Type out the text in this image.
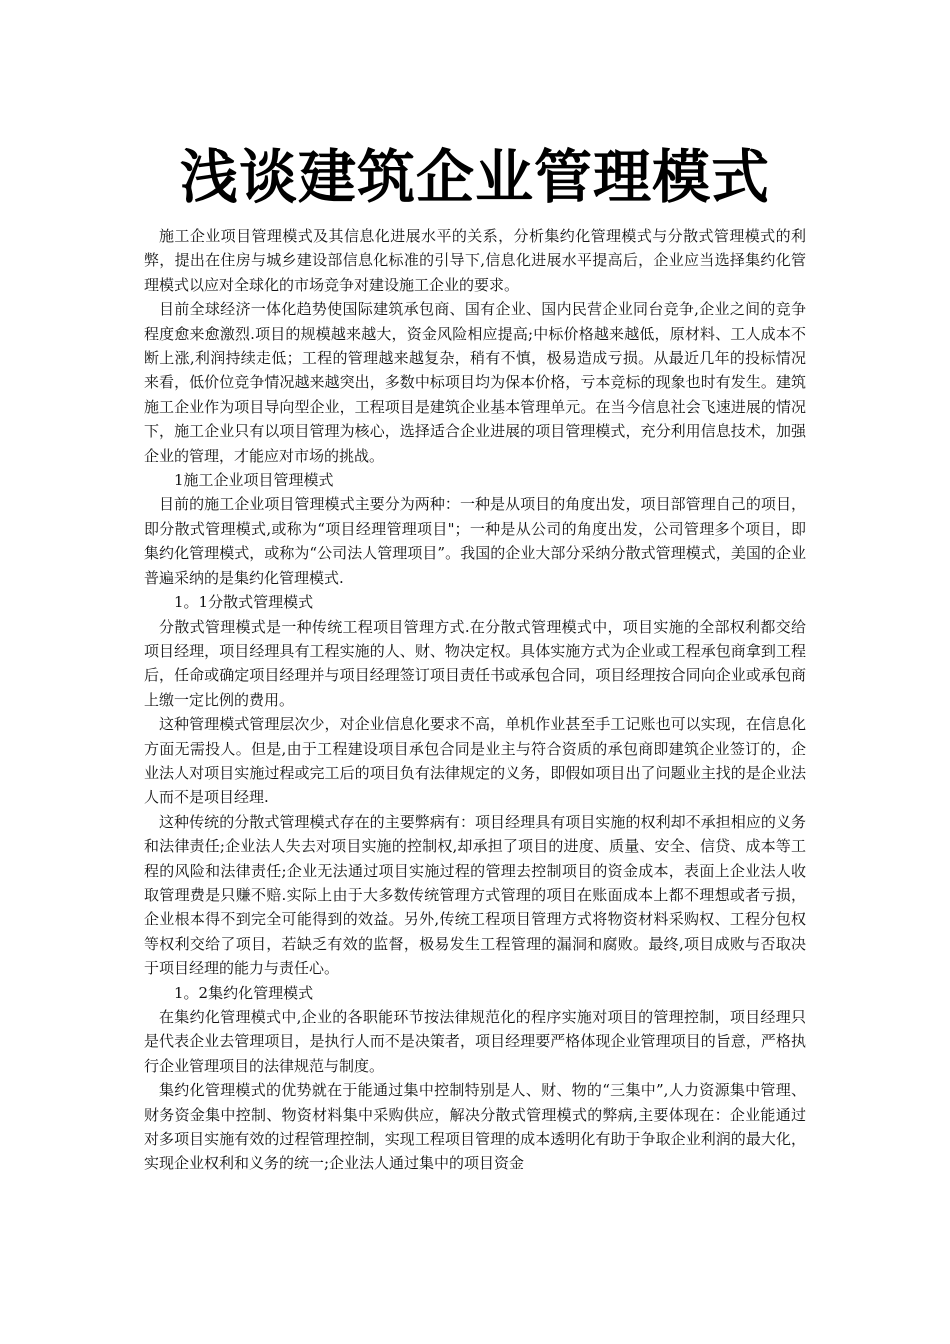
浅谈建筑企业管理模式

施工企业项目管理模式及其信息化进展水平的关系，分析集约化管理模式与分散式管理模式的利弊，提出在住房与城乡建设部信息化标准的引导下,信息化进展水平提高后，企业应当选择集约化管理模式以应对全球化的市场竞争对建设施工企业的要求。

目前全球经济一体化趋势使国际建筑承包商、国有企业、国内民营企业同台竞争,企业之间的竞争程度愈来愈激烈.项目的规模越来越大，资金风险相应提高;中标价格越来越低，原材料、工人成本不断上涨,利润持续走低；工程的管理越来越复杂，稍有不慎，极易造成亏损。从最近几年的投标情况来看，低价位竞争情况越来越突出，多数中标项目均为保本价格，亏本竞标的现象也时有发生。建筑施工企业作为项目导向型企业，工程项目是建筑企业基本管理单元。在当今信息社会飞速进展的情况下，施工企业只有以项目管理为核心，选择适合企业进展的项目管理模式，充分利用信息技术，加强企业的管理，才能应对市场的挑战。

1施工企业项目管理模式

目前的施工企业项目管理模式主要分为两种：一种是从项目的角度出发，项目部管理自己的项目，即分散式管理模式,或称为“项目经理管理项目"；一种是从公司的角度出发，公司管理多个项目，即集约化管理模式，或称为“公司法人管理项目”。我国的企业大部分采纳分散式管理模式，美国的企业普遍采纳的是集约化管理模式.

1。1分散式管理模式

分散式管理模式是一种传统工程项目管理方式.在分散式管理模式中，项目实施的全部权利都交给项目经理，项目经理具有工程实施的人、财、物决定权。具体实施方式为企业或工程承包商拿到工程后，任命或确定项目经理并与项目经理签订项目责任书或承包合同，项目经理按合同向企业或承包商上缴一定比例的费用。

这种管理模式管理层次少，对企业信息化要求不高，单机作业甚至手工记账也可以实现，在信息化方面无需投人。但是,由于工程建设项目承包合同是业主与符合资质的承包商即建筑企业签订的，企业法人对项目实施过程或完工后的项目负有法律规定的义务，即假如项目出了问题业主找的是企业法人而不是项目经理.

这种传统的分散式管理模式存在的主要弊病有：项目经理具有项目实施的权利却不承担相应的义务和法律责任;企业法人失去对项目实施的控制权,却承担了项目的进度、质量、安全、信贷、成本等工程的风险和法律责任;企业无法通过项目实施过程的管理去控制项目的资金成本，表面上企业法人收取管理费是只赚不赔.实际上由于大多数传统管理方式管理的项目在账面成本上都不理想或者亏损，企业根本得不到完全可能得到的效益。另外,传统工程项目管理方式将物资材料采购权、工程分包权等权利交给了项目，若缺乏有效的监督，极易发生工程管理的漏洞和腐败。最终,项目成败与否取决于项目经理的能力与责任心。

1。2集约化管理模式

在集约化管理模式中,企业的各职能环节按法律规范化的程序实施对项目的管理控制，项目经理只是代表企业去管理项目，是执行人而不是决策者，项目经理要严格体现企业管理项目的旨意，严格执行企业管理项目的法律规范与制度。

集约化管理模式的优势就在于能通过集中控制特别是人、财、物的“三集中”,人力资源集中管理、财务资金集中控制、物资材料集中采购供应，解决分散式管理模式的弊病,主要体现在：企业能通过对多项目实施有效的过程管理控制，实现工程项目管理的成本透明化有助于争取企业利润的最大化，实现企业权利和义务的统一;企业法人通过集中的项目资金
